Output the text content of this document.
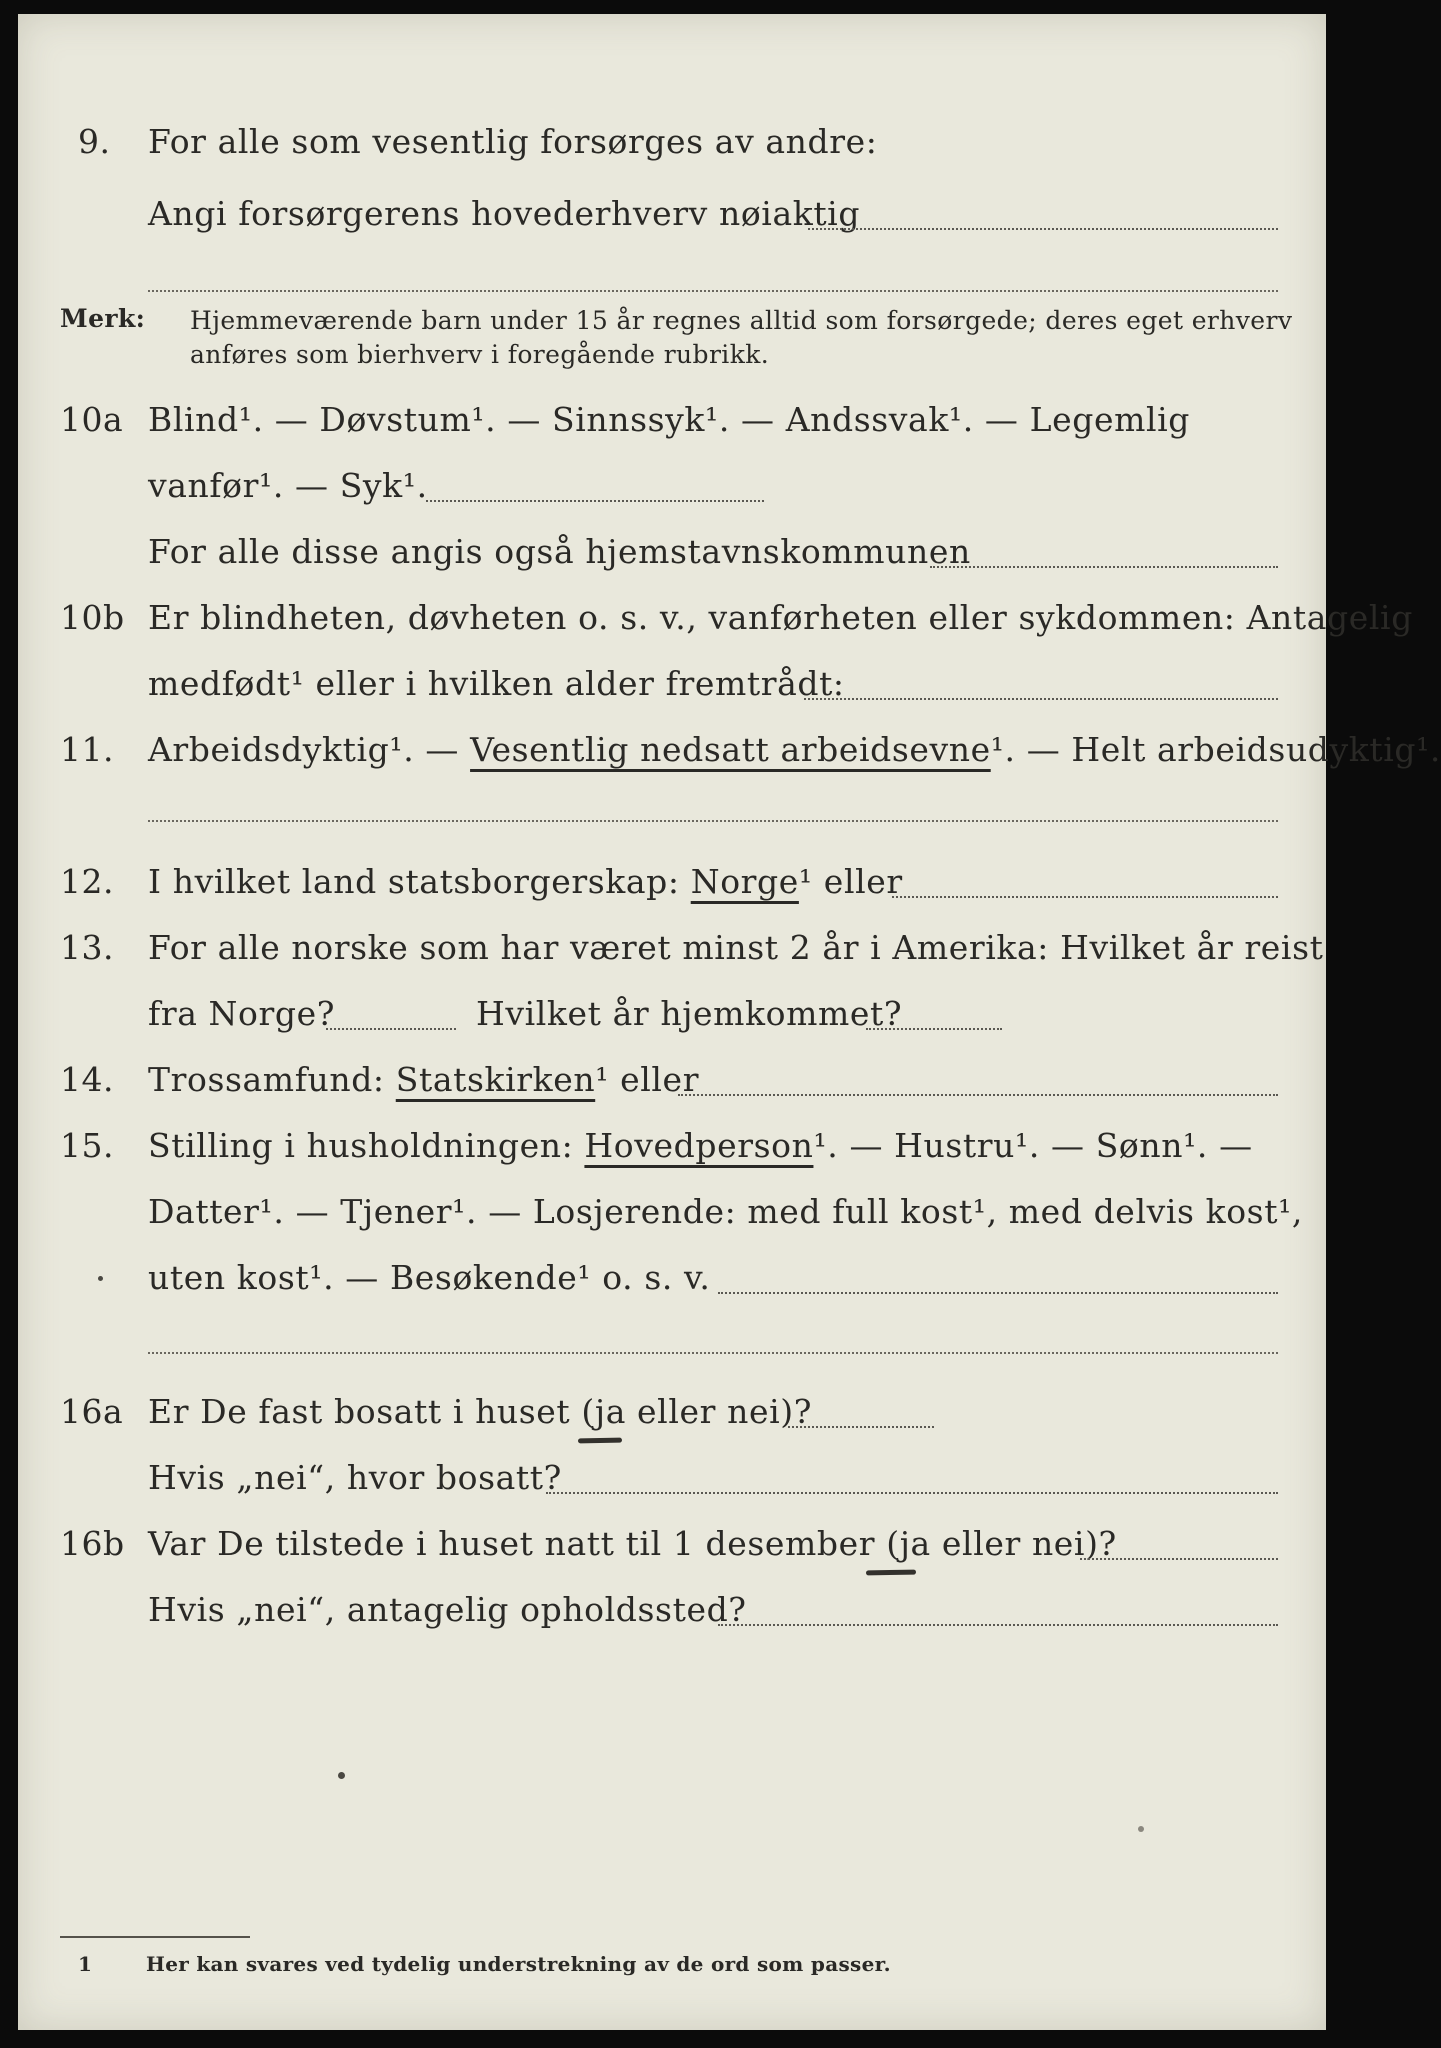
9. For alle som vesentlig forsørges av andre:
Angi forsørgerens hovederhverv nøiaktig
Merk: Hjemmeværende barn under 15 år regnes alltid som forsørgede; deres eget erhverv
anføres som bierhverv i foregående rubrikk.
10a Blind¹. — Døvstum¹. — Sinnssyk¹. — Andssvak¹. — Legemlig
vanfør¹. — Syk¹.
For alle disse angis også hjemstavnskommunen
10b Er blindheten, døvheten o. s. v., vanførheten eller sykdommen: Antagelig
medfødt¹ eller i hvilken alder fremtrådt:
11. Arbeidsdyktig¹. — Vesentlig nedsatt arbeidsevne¹. — Helt arbeidsudyktig¹.
12. I hvilket land statsborgerskap: Norge¹ eller
13. For alle norske som har været minst 2 år i Amerika: Hvilket år reist
fra Norge?	Hvilket år hjemkommet?
14. Trossamfund: Statskirken¹ eller
15. Stilling i husholdningen: Hovedperson¹. — Hustru¹. — Sønn¹. —
Datter¹. — Tjener¹. — Losjerende: med full kost¹, med delvis kost¹,
uten kost¹. — Besøkende¹ o. s. v.
16a Er De fast bosatt i huset (ja eller nei)?
Hvis „nei“, hvor bosatt?
16b Var De tilstede i huset natt til 1 desember (ja eller nei)?
Hvis „nei“, antagelig opholdssted?
1	Her kan svares ved tydelig understrekning av de ord som passer.
